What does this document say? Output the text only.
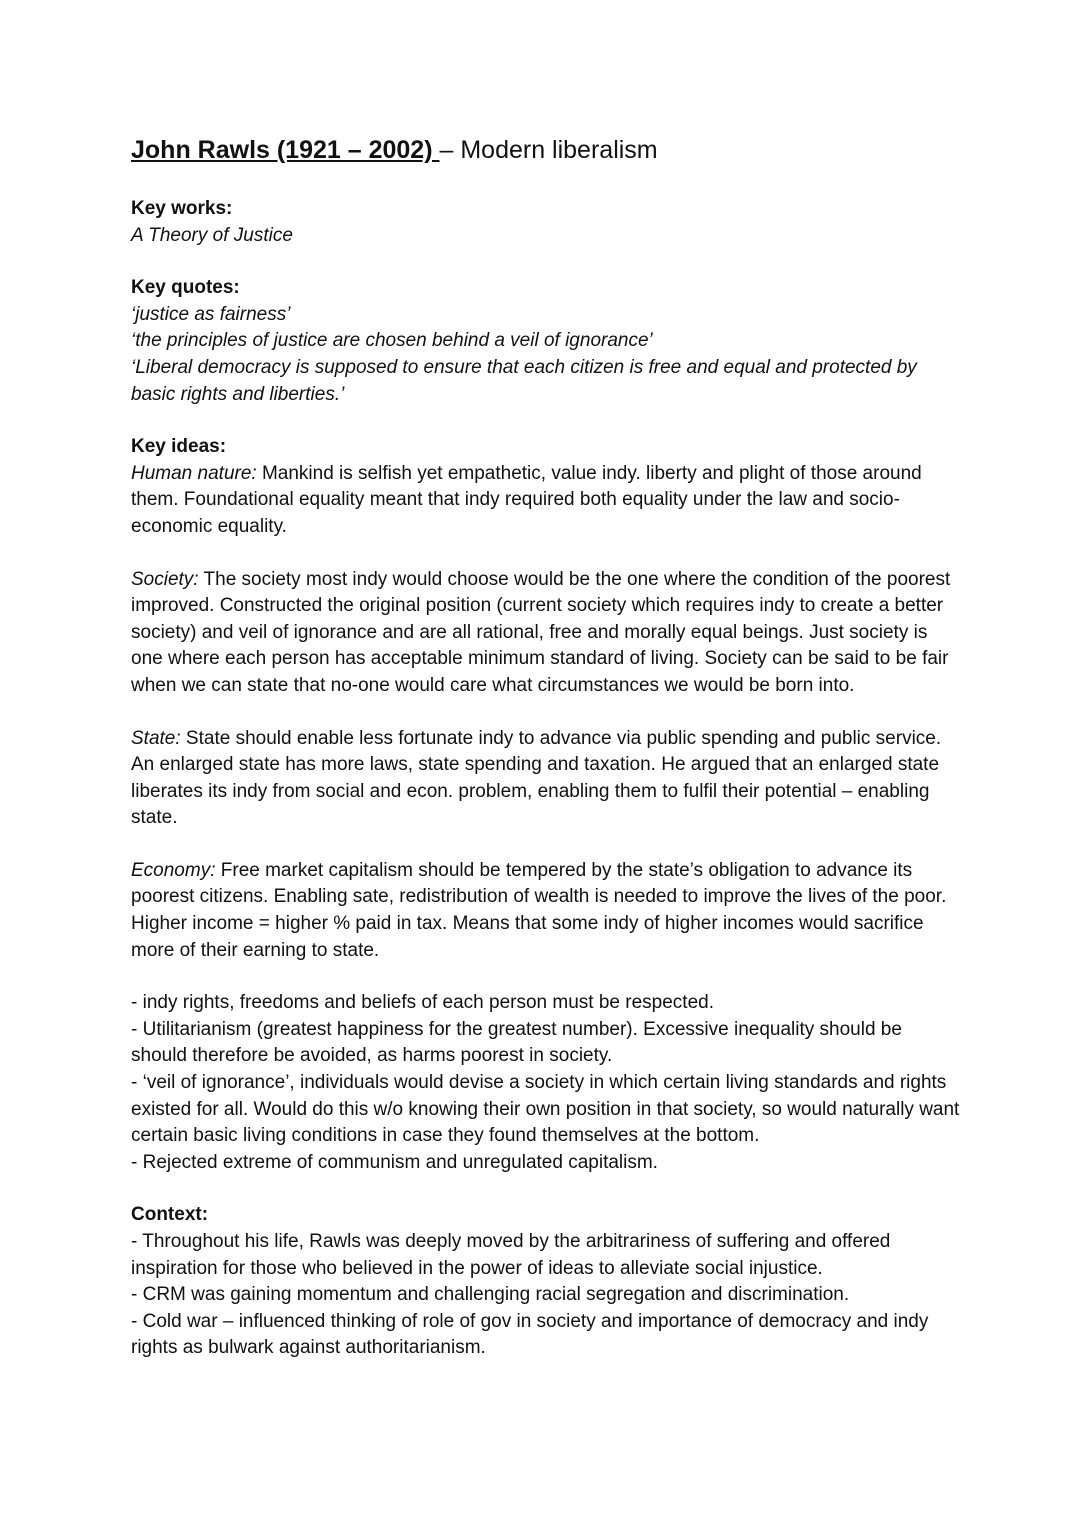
John Rawls (1921 – 2002) – Modern liberalism

Key works:

A Theory of Justice

Key quotes:

‘justice as fairness’

‘the principles of justice are chosen behind a veil of ignorance’

‘Liberal democracy is supposed to ensure that each citizen is free and equal and protected by basic rights and liberties.’

Key ideas:

Human nature: Mankind is selfish yet empathetic, value indy. liberty and plight of those around them. Foundational equality meant that indy required both equality under the law and socio-economic equality.

Society: The society most indy would choose would be the one where the condition of the poorest improved. Constructed the original position (current society which requires indy to create a better society) and veil of ignorance and are all rational, free and morally equal beings. Just society is one where each person has acceptable minimum standard of living. Society can be said to be fair when we can state that no-one would care what circumstances we would be born into.

State: State should enable less fortunate indy to advance via public spending and public service. An enlarged state has more laws, state spending and taxation. He argued that an enlarged state liberates its indy from social and econ. problem, enabling them to fulfil their potential – enabling state.

Economy: Free market capitalism should be tempered by the state’s obligation to advance its poorest citizens. Enabling sate, redistribution of wealth is needed to improve the lives of the poor. Higher income = higher % paid in tax. Means that some indy of higher incomes would sacrifice more of their earning to state.

- indy rights, freedoms and beliefs of each person must be respected.

- Utilitarianism (greatest happiness for the greatest number). Excessive inequality should be should therefore be avoided, as harms poorest in society.

- ‘veil of ignorance’, individuals would devise a society in which certain living standards and rights existed for all. Would do this w/o knowing their own position in that society, so would naturally want certain basic living conditions in case they found themselves at the bottom.

- Rejected extreme of communism and unregulated capitalism.

Context:

- Throughout his life, Rawls was deeply moved by the arbitrariness of suffering and offered inspiration for those who believed in the power of ideas to alleviate social injustice.

- CRM was gaining momentum and challenging racial segregation and discrimination.

- Cold war – influenced thinking of role of gov in society and importance of democracy and indy rights as bulwark against authoritarianism.
